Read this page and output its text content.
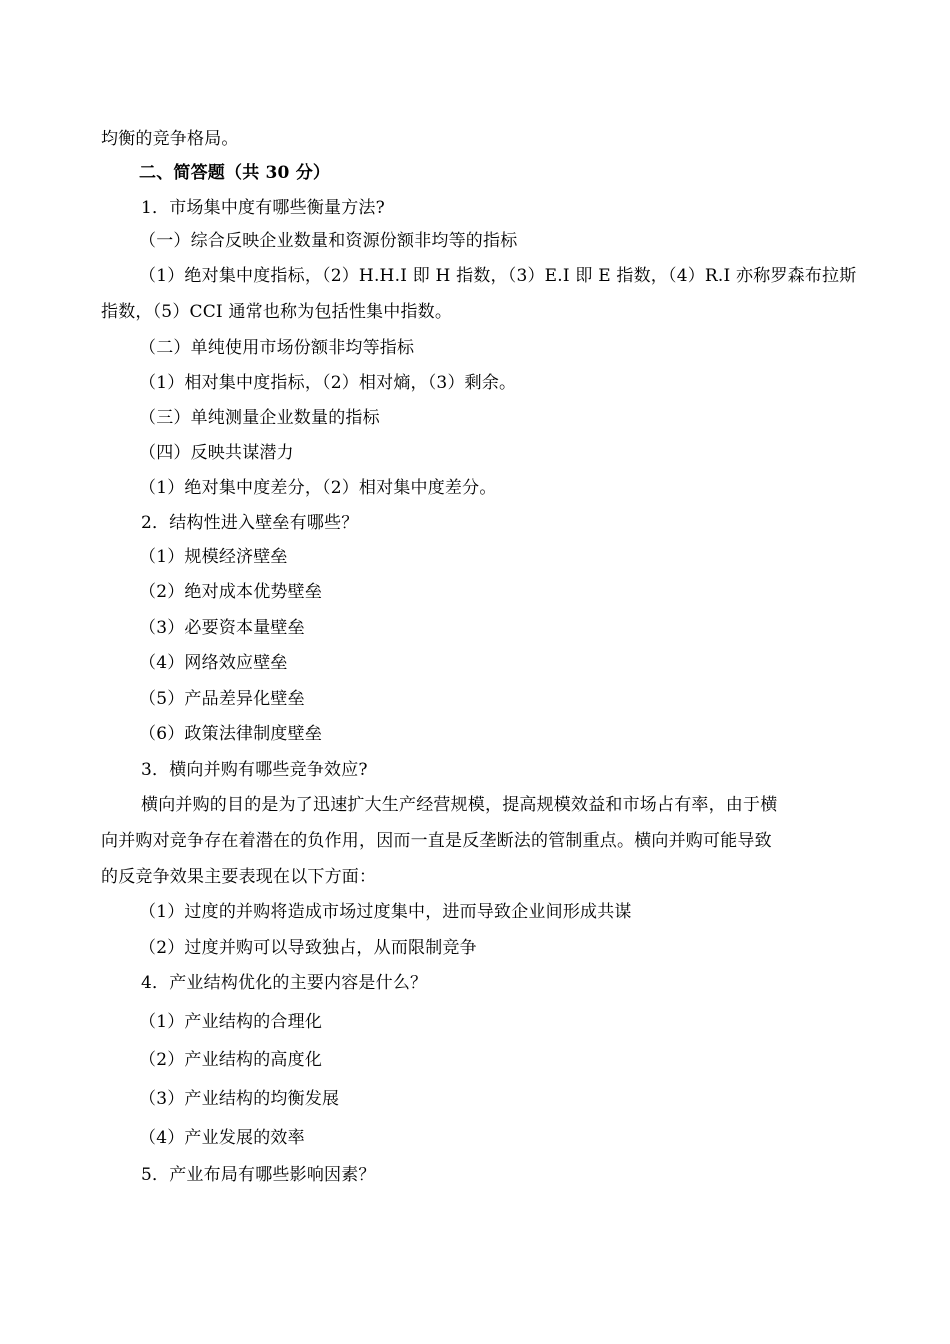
均衡的竞争格局。
二、简答题（共 30 分）
1．市场集中度有哪些衡量方法?
（一）综合反映企业数量和资源份额非均等的指标
（1）绝对集中度指标，（2）H.H.I 即 H 指数，（3）E.I 即 E 指数，（4）R.I 亦称罗森布拉斯
指数，（5）CCI 通常也称为包括性集中指数。
（二）单纯使用市场份额非均等指标
（1）相对集中度指标，（2）相对熵，（3）剩余。
（三）单纯测量企业数量的指标
（四）反映共谋潜力
（1）绝对集中度差分，（2）相对集中度差分。
2．结构性进入壁垒有哪些？
（1）规模经济壁垒
（2）绝对成本优势壁垒
（3）必要资本量壁垒
（4）网络效应壁垒
（5）产品差异化壁垒
（6）政策法律制度壁垒
3．横向并购有哪些竞争效应?
横向并购的目的是为了迅速扩大生产经营规模，提高规模效益和市场占有率，由于横
向并购对竞争存在着潜在的负作用，因而一直是反垄断法的管制重点。横向并购可能导致
的反竞争效果主要表现在以下方面：
（1）过度的并购将造成市场过度集中，进而导致企业间形成共谋
（2）过度并购可以导致独占，从而限制竞争
4．产业结构优化的主要内容是什么？
（1）产业结构的合理化
（2）产业结构的高度化
（3）产业结构的均衡发展
（4）产业发展的效率
5．产业布局有哪些影响因素？
